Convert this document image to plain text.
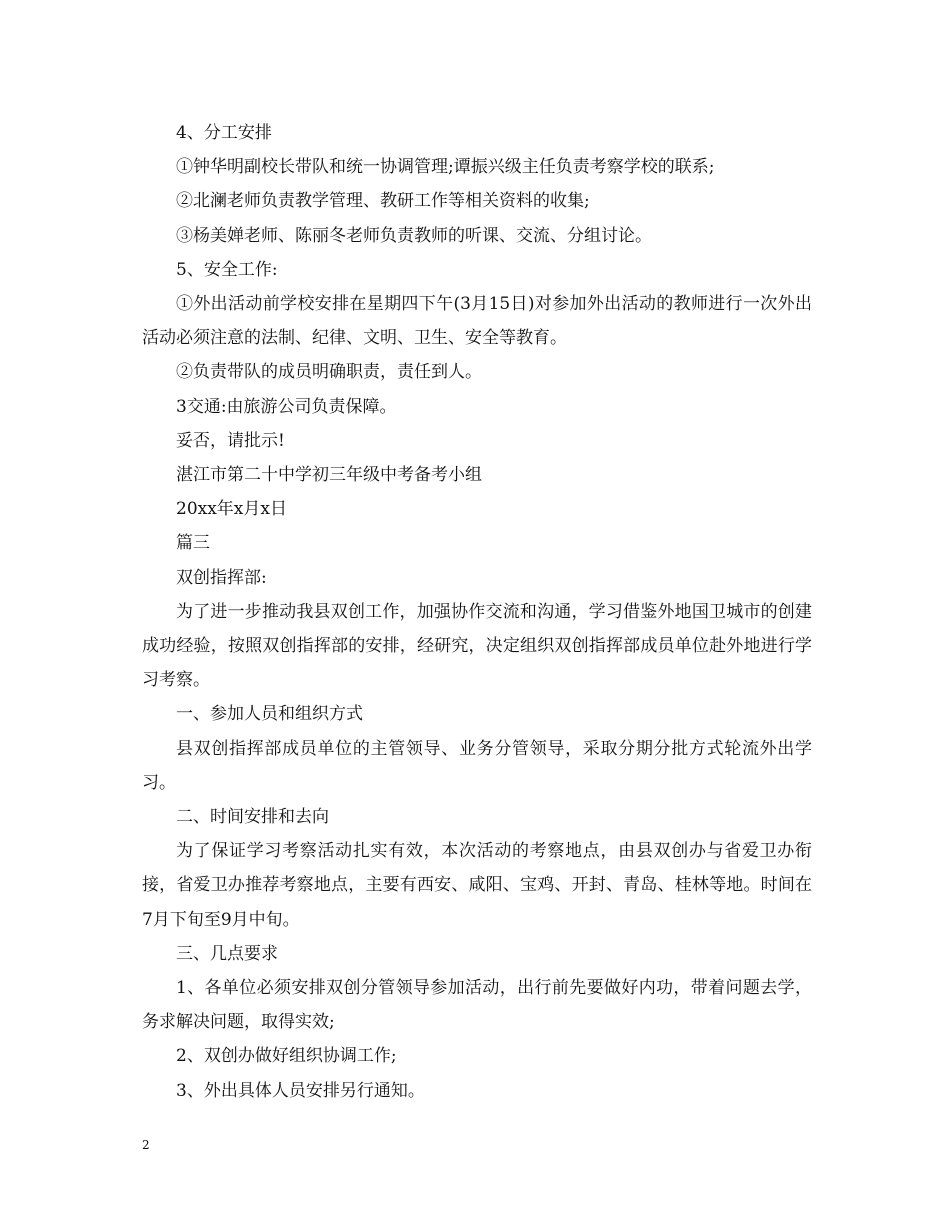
4、分工安排

①钟华明副校长带队和统一协调管理;谭振兴级主任负责考察学校的联系;

②北澜老师负责教学管理、教研工作等相关资料的收集;

③杨美婵老师、陈丽冬老师负责教师的听课、交流、分组讨论。

5、安全工作:

①外出活动前学校安排在星期四下午(3月15日)对参加外出活动的教师进行一次外出活动必须注意的法制、纪律、文明、卫生、安全等教育。

②负责带队的成员明确职责，责任到人。

3交通:由旅游公司负责保障。

妥否，请批示!

湛江市第二十中学初三年级中考备考小组

20xx年x月x日

篇三

双创指挥部:

为了进一步推动我县双创工作，加强协作交流和沟通，学习借鉴外地国卫城市的创建成功经验，按照双创指挥部的安排，经研究，决定组织双创指挥部成员单位赴外地进行学习考察。

一、参加人员和组织方式

县双创指挥部成员单位的主管领导、业务分管领导，采取分期分批方式轮流外出学习。

二、时间安排和去向

为了保证学习考察活动扎实有效，本次活动的考察地点，由县双创办与省爱卫办衔接，省爱卫办推荐考察地点，主要有西安、咸阳、宝鸡、开封、青岛、桂林等地。时间在7月下旬至9月中旬。

三、几点要求

1、各单位必须安排双创分管领导参加活动，出行前先要做好内功，带着问题去学，务求解决问题，取得实效;

2、双创办做好组织协调工作;

3、外出具体人员安排另行通知。

2
